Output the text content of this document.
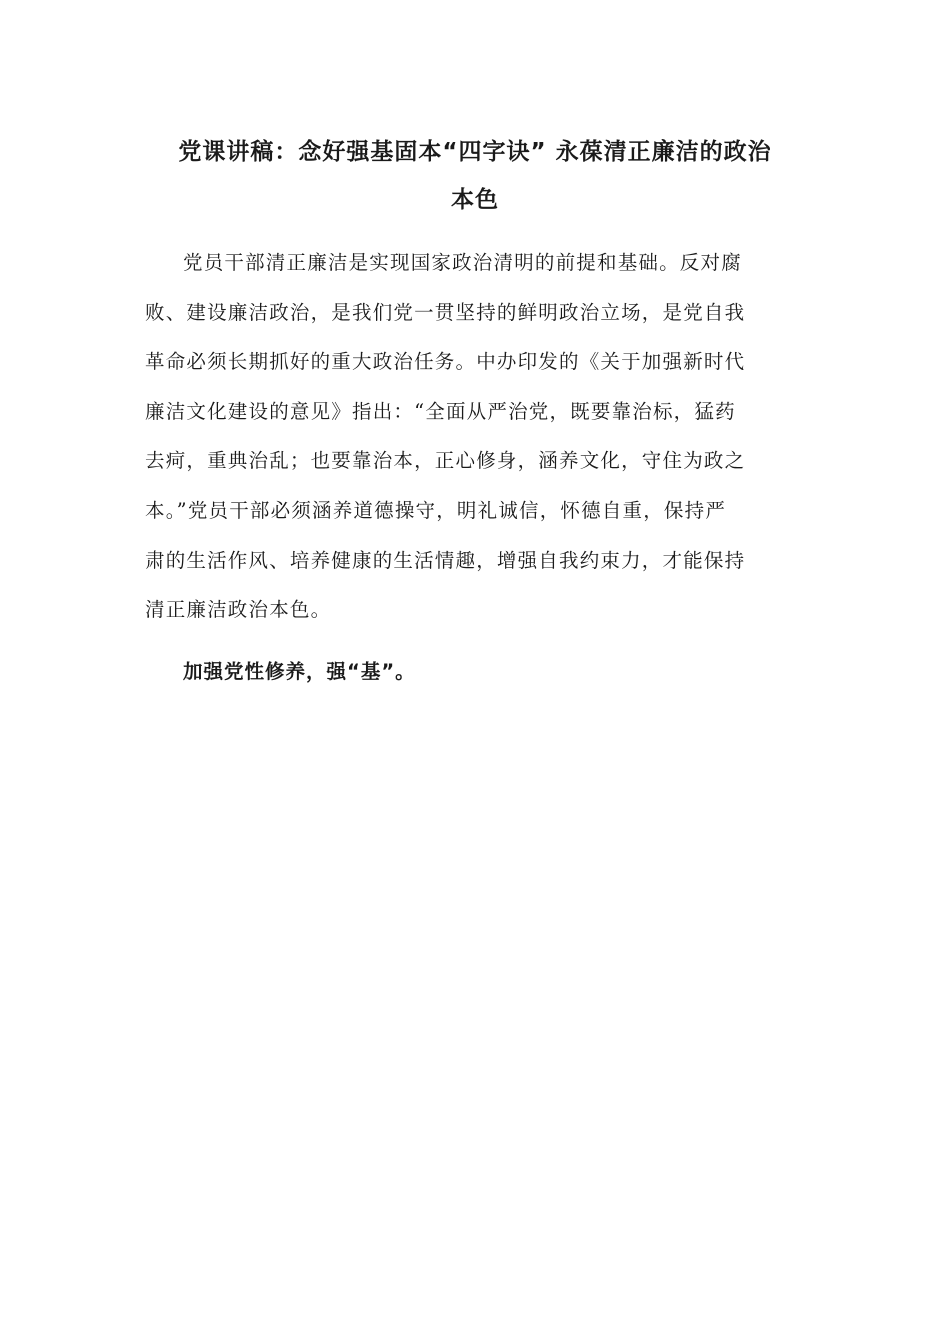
党课讲稿：念好强基固本“四字诀” 永葆清正廉洁的政治
本色

党员干部清正廉洁是实现国家政治清明的前提和基础。反对腐
败、建设廉洁政治，是我们党一贯坚持的鲜明政治立场，是党自我
革命必须长期抓好的重大政治任务。中办印发的《关于加强新时代
廉洁文化建设的意见》指出：“全面从严治党，既要靠治标，猛药
去疴，重典治乱；也要靠治本，正心修身，涵养文化，守住为政之
本。”党员干部必须涵养道德操守，明礼诚信，怀德自重，保持严
肃的生活作风、培养健康的生活情趣，增强自我约束力，才能保持
清正廉洁政治本色。

加强党性修养，强“基”。
